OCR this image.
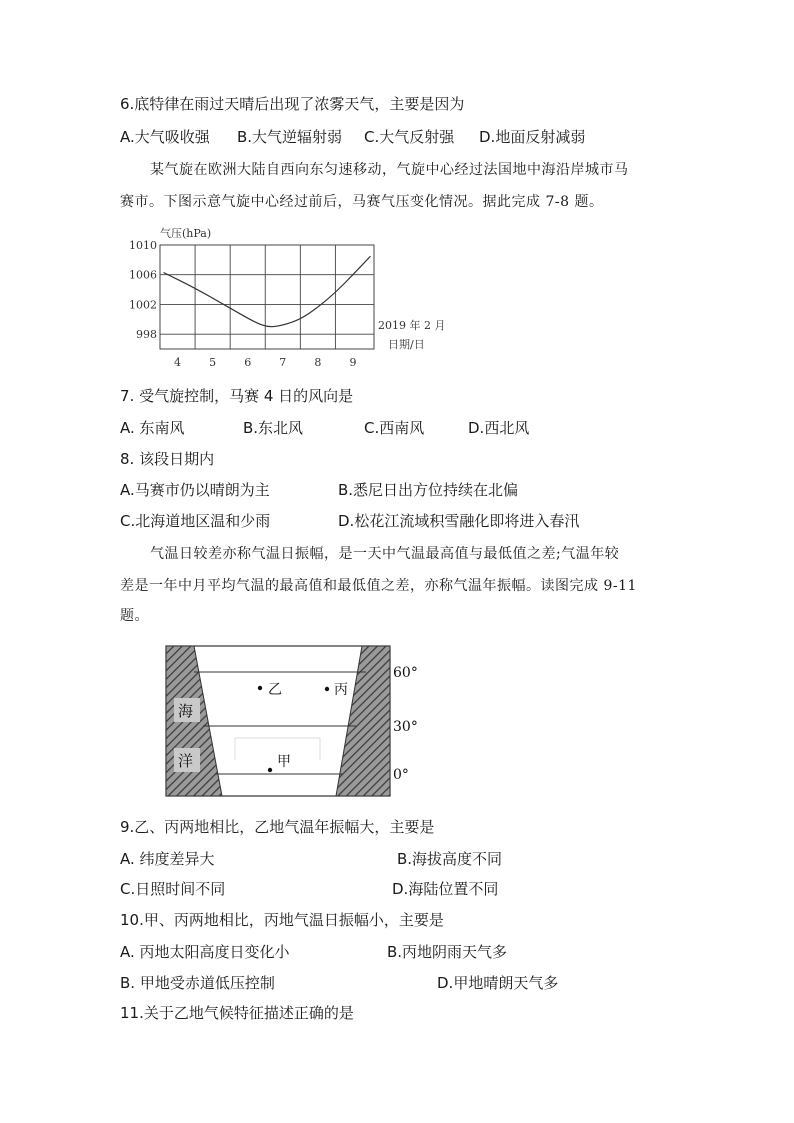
6.底特律在雨过天晴后出现了浓雾天气，主要是因为
A.大气吸收强 B.大气逆辐射弱 C.大气反射强 D.地面反射减弱
某气旋在欧洲大陆自西向东匀速移动，气旋中心经过法国地中海沿岸城市马
赛市。下图示意气旋中心经过前后，马赛气压变化情况。据此完成 7-8 题。
气压(hPa)
2019 年 2 月
日期/日
1010
1006
1002
998
4	5	6	7	8	9
7. 受气旋控制，马赛 4 日的风向是
A. 东南风	B.东北风	C.西南风	D.西北风
8. 该段日期内
A.马赛市仍以晴朗为主	B.悉尼日出方位持续在北偏
C.北海道地区温和少雨	D.松花江流域积雪融化即将进入春汛
气温日较差亦称气温日振幅，是一天中气温最高值与最低值之差;气温年较
差是一年中月平均气温的最高值和最低值之差，亦称气温年振幅。读图完成 9-11
题。
海
洋
乙	丙
甲
60°
30°
0°
9.乙、丙两地相比，乙地气温年振幅大，主要是
A. 纬度差异大	B.海拔高度不同
C.日照时间不同	D.海陆位置不同
10.甲、丙两地相比，丙地气温日振幅小，主要是
A. 丙地太阳高度日变化小	B.丙地阴雨天气多
B. 甲地受赤道低压控制	D.甲地晴朗天气多
11.关于乙地气候特征描述正确的是
